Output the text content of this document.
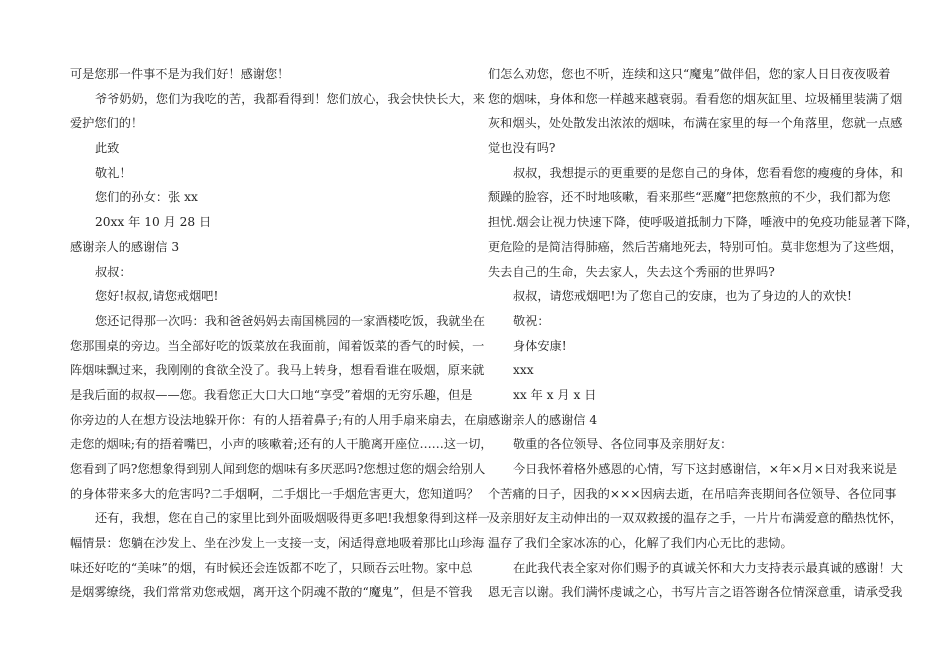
可是您那一件事不是为我们好！感谢您！
爷爷奶奶，您们为我吃的苦，我都看得到！您们放心，我会快快长大，来
爱护您们的！
此致
敬礼！
您们的孙女：张 xx
20xx 年 10 月 28 日
感谢亲人的感谢信 3
叔叔：
您好!叔叔,请您戒烟吧!
您还记得那一次吗：我和爸爸妈妈去南国桃园的一家酒楼吃饭，我就坐在
您那围桌的旁边。当全部好吃的饭菜放在我面前，闻着饭菜的香气的时候，一
阵烟味飘过来，我刚刚的食欲全没了。我马上转身，想看看谁在吸烟，原来就
是我后面的叔叔——您。我看您正大口大口地“享受”着烟的无穷乐趣，但是
你旁边的人在想方设法地躲开你：有的人捂着鼻子;有的人用手扇来扇去，在扇
走您的烟味;有的捂着嘴巴，小声的咳嗽着;还有的人干脆离开座位……这一切，
您看到了吗?您想象得到别人闻到您的烟味有多厌恶吗?您想过您的烟会给别人
的身体带来多大的危害吗?二手烟啊，二手烟比一手烟危害更大，您知道吗？
还有，我想，您在自己的家里比到外面吸烟吸得更多吧!我想象得到这样一
幅情景：您躺在沙发上、坐在沙发上一支接一支，闲适得意地吸着那比山珍海
味还好吃的“美味”的烟，有时候还会连饭都不吃了，只顾吞云吐物。家中总
是烟雾缭绕，我们常常劝您戒烟，离开这个阴魂不散的“魔鬼”，但是不管我
们怎么劝您，您也不听，连续和这只“魔鬼”做伴侣，您的家人日日夜夜吸着
您的烟味，身体和您一样越来越衰弱。看看您的烟灰缸里、垃圾桶里装满了烟
灰和烟头，处处散发出浓浓的烟味，布满在家里的每一个角落里，您就一点感
觉也没有吗?
叔叔，我想提示的更重要的是您自己的身体，您看看您的瘦瘦的身体，和
颓躁的脸容，还不时地咳嗽，看来那些“恶魔”把您熬煎的不少，我们都为您
担忧.烟会让视力快速下降，使呼吸道抵制力下降，唾液中的免疫功能显著下降，
更危险的是简洁得肺癌，然后苦痛地死去，特别可怕。莫非您想为了这些烟，
失去自己的生命，失去家人，失去这个秀丽的世界吗?
叔叔，请您戒烟吧!为了您自己的安康，也为了身边的人的欢快!
敬祝：
身体安康!
xxx
xx 年 x 月 x 日
感谢亲人的感谢信 4
敬重的各位领导、各位同事及亲朋好友：
今日我怀着格外感恩的心情，写下这封感谢信，×年×月×日对我来说是
个苦痛的日子，因我的×××因病去逝，在吊唁奔丧期间各位领导、各位同事
及亲朋好友主动伸出的一双双救援的温存之手，一片片布满爱意的酷热忱怀，
温存了我们全家冰冻的心，化解了我们内心无比的悲恸。
在此我代表全家对你们赐予的真诚关怀和大力支持表示最真诚的感谢！大
恩无言以谢。我们满怀虔诚之心，书写片言之语答谢各位情深意重，请承受我
